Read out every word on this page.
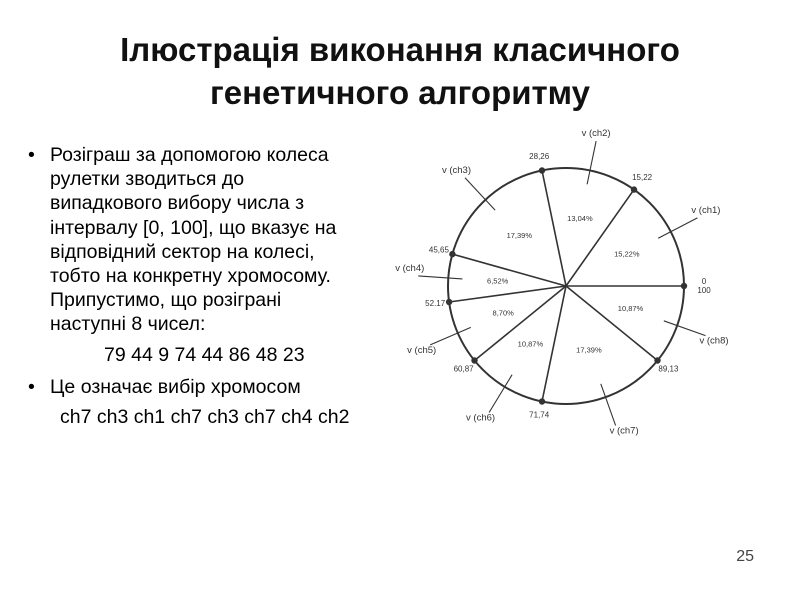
Ілюстрація виконання класичного
генетичного алгоритму
• Розіграш за допомогою колеса
рулетки зводиться до
випадкового вибору числа з
інтервалу [0, 100], що вказує на
відповідний сектор на колесі,
тобто на конкретну хромосому.
Припустимо, що розіграні
наступні 8 чисел:
79 44 9 74 44 86 48 23
• Це означає вибір хромосом
ch7 ch3 ch1 ch7 ch3 ch7 ch4 ch2
0 100
15,22
28,26
45,65
52.17
60,87
71,74
89,13
15,22%
v (ch1)
13,04%
v (ch2)
17,39%
v (ch3)
6,52%
v (ch4)
8,70%
v (ch5)
10,87%
v (ch6)
17,39%
v (ch7)
10,87%
v (ch8)
25
